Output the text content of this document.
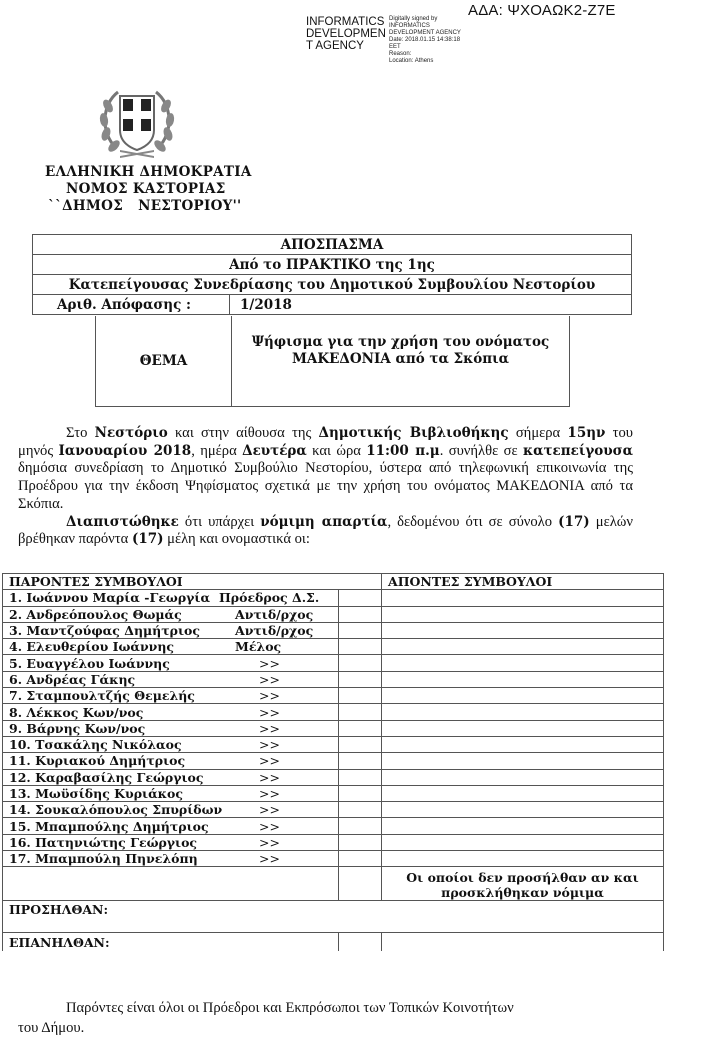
ΑΔΑ: ΨΧΟΑΩΚ2-Ζ7Ε
INFORMATICS DEVELOPMEN T AGENCY
Digitally signed by
INFORMATICS
DEVELOPMENT AGENCY
Date: 2018.01.15 14:38:18
EET
Reason:
Location: Athens
ΕΛΛΗΝΙΚΗ ΔΗΜΟΚΡΑΤΙΑ
ΝΟΜΟΣ ΚΑΣΤΟΡΙΑΣ
``ΔΗΜΟΣ   ΝΕΣΤΟΡΙΟΥ''
ΑΠΟΣΠΑΣΜΑ
Από το ΠΡΑΚΤΙΚΟ της 1ης
Κατεπείγουσας Συνεδρίασης του Δημοτικού Συμβουλίου Νεστορίου
Αριθ. Απόφασης :	1/2018
ΘΕΜΑ
Ψήφισμα για την χρήση του ονόματος
ΜΑΚΕΔΟΝΙΑ από τα Σκόπια
Στο Νεστόριο και στην αίθουσα της Δημοτικής Βιβλιοθήκης σήμερα 15ην του μηνός Ιανουαρίου 2018, ημέρα Δευτέρα και ώρα 11:00 π.μ. συνήλθε σε κατεπείγουσα δημόσια συνεδρίαση το Δημοτικό Συμβούλιο Νεστορίου, ύστερα από τηλεφωνική επικοινωνία της Προέδρου για την έκδοση Ψηφίσματος σχετικά με την χρήση του ονόματος ΜΑΚΕΔΟΝΙΑ από τα Σκόπια.
Διαπιστώθηκε ότι υπάρχει νόμιμη απαρτία, δεδομένου ότι σε σύνολο (17) μελών βρέθηκαν παρόντα (17) μέλη και ονομαστικά οι:
ΠΑΡΟΝΤΕΣ ΣΥΜΒΟΥΛΟΙ		ΑΠΟΝΤΕΣ ΣΥΜΒΟΥΛΟΙ
1. Ιωάννου Μαρία -Γεωργία Πρόεδρος Δ.Σ.		
2. Ανδρεόπουλος Θωμάς Αντιδ/ρχος		
3. Μαντζούφας Δημήτριος Αντιδ/ρχος		
4. Ελευθερίου Ιωάννης Μέλος		
5. Ευαγγέλου Ιωάννης >>		
6. Ανδρέας Γάκης >>		
7. Σταμπουλτζής Θεμελής >>		
8. Λέκκος Κων/νος >>		
9. Βάρνης Κων/νος >>		
10. Τσακάλης Νικόλαος >>		
11. Κυριακού Δημήτριος >>		
12. Καραβασίλης Γεώργιος >>		
13. Μωϋσίδης Κυριάκος >>		
14. Σουκαλόπουλος Σπυρίδων >>		
15. Μπαμπούλης Δημήτριος >>		
16. Πατηνιώτης Γεώργιος >>		
17. Μπαμπούλη Πηνελόπη >>		

		Οι οποίοι δεν προσήλθαν αν και
προσκλήθηκαν νόμιμα

ΠΡΟΣΗΛΘΑΝ:		
ΕΠΑΝΗΛΘΑΝ:		
Παρόντες είναι όλοι οι Πρόεδροι και Εκπρόσωποι των Τοπικών Κοινοτήτων
του Δήμου.
